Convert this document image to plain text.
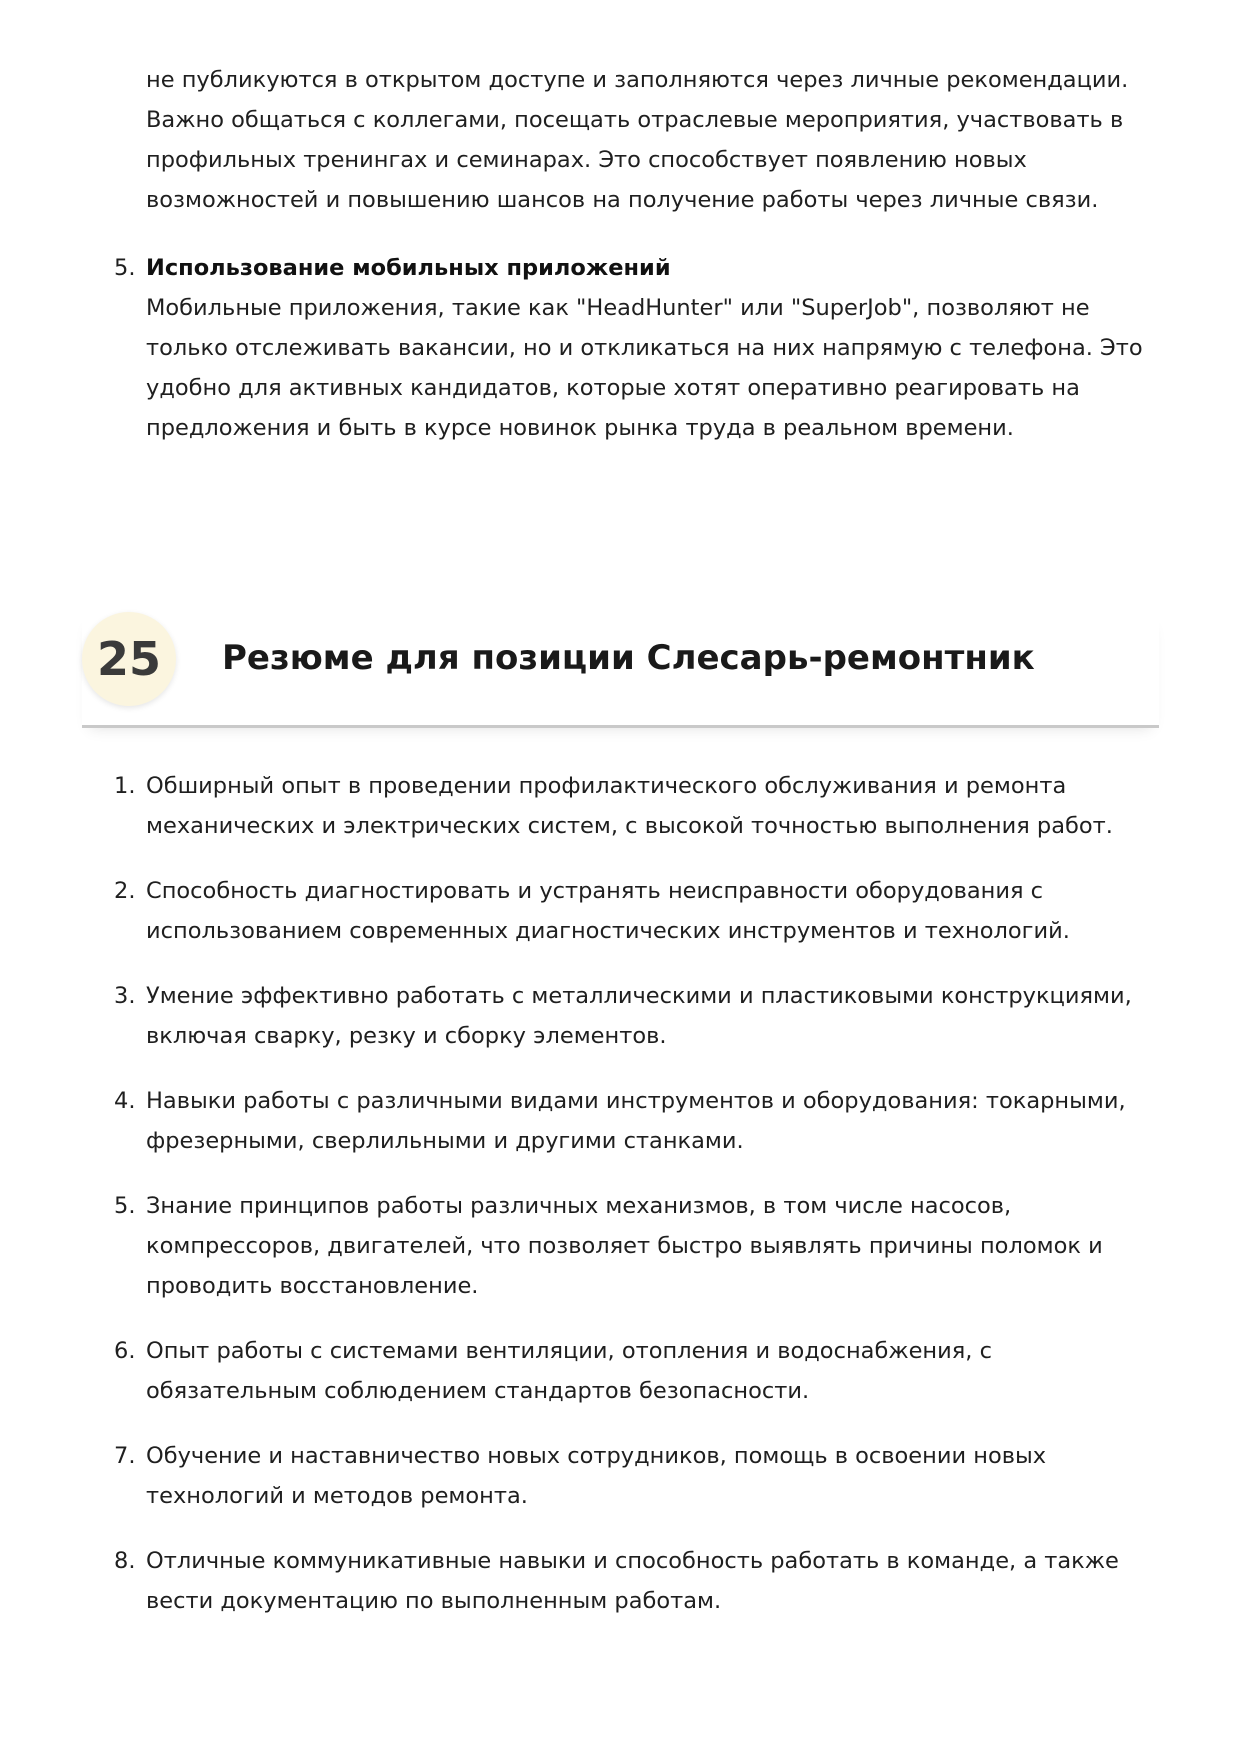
не публикуются в открытом доступе и заполняются через личные рекомендации. Важно общаться с коллегами, посещать отраслевые мероприятия, участвовать в профильных тренингах и семинарах. Это способствует появлению новых возможностей и повышению шансов на получение работы через личные связи.
5. Использование мобильных приложений
Мобильные приложения, такие как "HeadHunter" или "SuperJob", позволяют не только отслеживать вакансии, но и откликаться на них напрямую с телефона. Это удобно для активных кандидатов, которые хотят оперативно реагировать на предложения и быть в курсе новинок рынка труда в реальном времени.
25	Резюме для позиции Слесарь-ремонтник
1. Обширный опыт в проведении профилактического обслуживания и ремонта механических и электрических систем, с высокой точностью выполнения работ.
2. Способность диагностировать и устранять неисправности оборудования с использованием современных диагностических инструментов и технологий.
3. Умение эффективно работать с металлическими и пластиковыми конструкциями, включая сварку, резку и сборку элементов.
4. Навыки работы с различными видами инструментов и оборудования: токарными, фрезерными, сверлильными и другими станками.
5. Знание принципов работы различных механизмов, в том числе насосов, компрессоров, двигателей, что позволяет быстро выявлять причины поломок и проводить восстановление.
6. Опыт работы с системами вентиляции, отопления и водоснабжения, с обязательным соблюдением стандартов безопасности.
7. Обучение и наставничество новых сотрудников, помощь в освоении новых технологий и методов ремонта.
8. Отличные коммуникативные навыки и способность работать в команде, а также вести документацию по выполненным работам.
